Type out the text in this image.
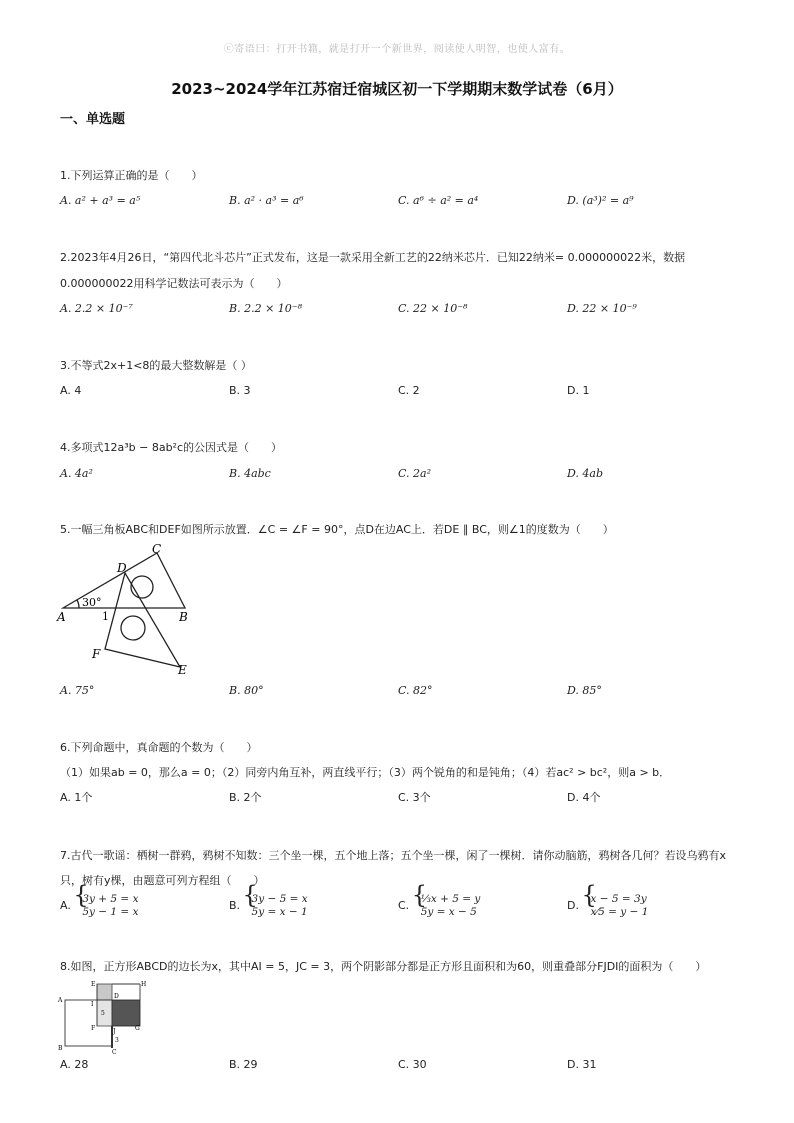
ⓒ寄语曰：打开书籍，就是打开一个新世界，阅读使人明智，也使人富有。
2023~2024学年江苏宿迁宿城区初一下学期期末数学试卷（6月）
一、单选题
1.下列运算正确的是（　　）
A. a² + a³ = a⁵	B. a² · a³ = a⁶	C. a⁶ ÷ a² = a⁴	D. (a³)² = a⁹
2.2023年4月26日，“第四代北斗芯片”正式发布，这是一款采用全新工艺的22纳米芯片．已知22纳米= 0.000000022米，数据
0.000000022用科学记数法可表示为（　　）
A. 2.2 × 10⁻⁷	B. 2.2 × 10⁻⁸	C. 22 × 10⁻⁸	D. 22 × 10⁻⁹
3.不等式2x+1<8的最大整数解是（ ）
A. 4	B. 3	C. 2	D. 1
4.多项式12a³b − 8ab²c的公因式是（　　）
A. 4a²	B. 4abc	C. 2a²	D. 4ab
5.一幅三角板ABC和DEF如图所示放置．∠C = ∠F = 90°，点D在边AC上．若DE ∥ BC，则∠1的度数为（　　）
C
D
30°
A	1	B
F
E
A. 75°	B. 80°	C. 82°	D. 85°
6.下列命题中，真命题的个数为（　　）
（1）如果ab = 0，那么a = 0；（2）同旁内角互补，两直线平行；（3）两个锐角的和是钝角；（4）若ac² > bc²，则a > b．
A. 1个	B. 2个	C. 3个	D. 4个
7.古代一歌谣：栖树一群鸦，鸦树不知数：三个坐一棵，五个地上落；五个坐一棵，闲了一棵树．请你动脑筋，鸦树各几何？若设乌鸦有x
只，树有y棵，由题意可列方程组（　　）
A. { 3y + 5 = x
5y − 1 = x	B. { 3y − 5 = x
5y = x − 1	C. { ⅓x + 5 = y
5y = x − 5	D. { x − 5 = 3y
x⁄5 = y − 1
8.如图，正方形ABCD的边长为x，其中AI = 5，JC = 3，两个阴影部分都是正方形且面积和为60，则重叠部分FJDI的面积为（　　）
E	H
A
D
I
B
F	J	G
C
5
3
A. 28	B. 29	C. 30	D. 31
